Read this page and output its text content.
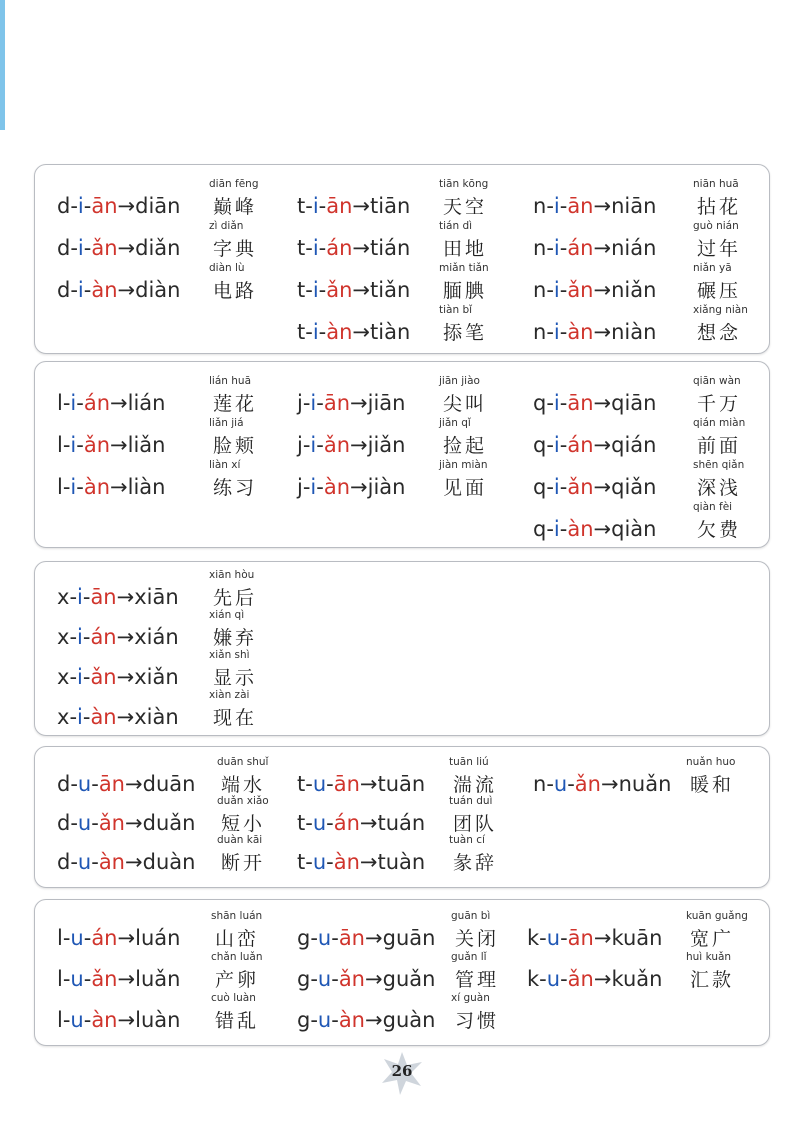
d-i-ān→diān
diān fēng
巅峰
d-i-ǎn→diǎn
zì diǎn
字典
d-i-àn→diàn
diàn lù
电路
t-i-ān→tiān
tiān kōng
天空
t-i-án→tián
tián dì
田地
t-i-ǎn→tiǎn
miǎn tiǎn
腼腆
t-i-àn→tiàn
tiàn bǐ
掭笔
n-i-ān→niān
niān huā
拈花
n-i-án→nián
guò nián
过年
n-i-ǎn→niǎn
niǎn yā
碾压
n-i-àn→niàn
xiǎng niàn
想念
l-i-án→lián
lián huā
莲花
l-i-ǎn→liǎn
liǎn jiá
脸颊
l-i-àn→liàn
liàn xí
练习
j-i-ān→jiān
jiān jiào
尖叫
j-i-ǎn→jiǎn
jiǎn qǐ
捡起
j-i-àn→jiàn
jiàn miàn
见面
q-i-ān→qiān
qiān wàn
千万
q-i-án→qián
qián miàn
前面
q-i-ǎn→qiǎn
shēn qiǎn
深浅
q-i-àn→qiàn
qiàn fèi
欠费
x-i-ān→xiān
xiān hòu
先后
x-i-án→xián
xián qì
嫌弃
x-i-ǎn→xiǎn
xiǎn shì
显示
x-i-àn→xiàn
xiàn zài
现在
d-u-ān→duān
duān shuǐ
端水
d-u-ǎn→duǎn
duǎn xiǎo
短小
d-u-àn→duàn
duàn kāi
断开
t-u-ān→tuān
tuān liú
湍流
t-u-án→tuán
tuán duì
团队
t-u-àn→tuàn
tuàn cí
彖辞
n-u-ǎn→nuǎn
nuǎn huo
暖和
l-u-án→luán
shān luán
山峦
l-u-ǎn→luǎn
chǎn luǎn
产卵
l-u-àn→luàn
cuò luàn
错乱
g-u-ān→guān
guān bì
关闭
g-u-ǎn→guǎn
guǎn lǐ
管理
g-u-àn→guàn
xí guàn
习惯
k-u-ān→kuān
kuān guǎng
宽广
k-u-ǎn→kuǎn
huì kuǎn
汇款
26
